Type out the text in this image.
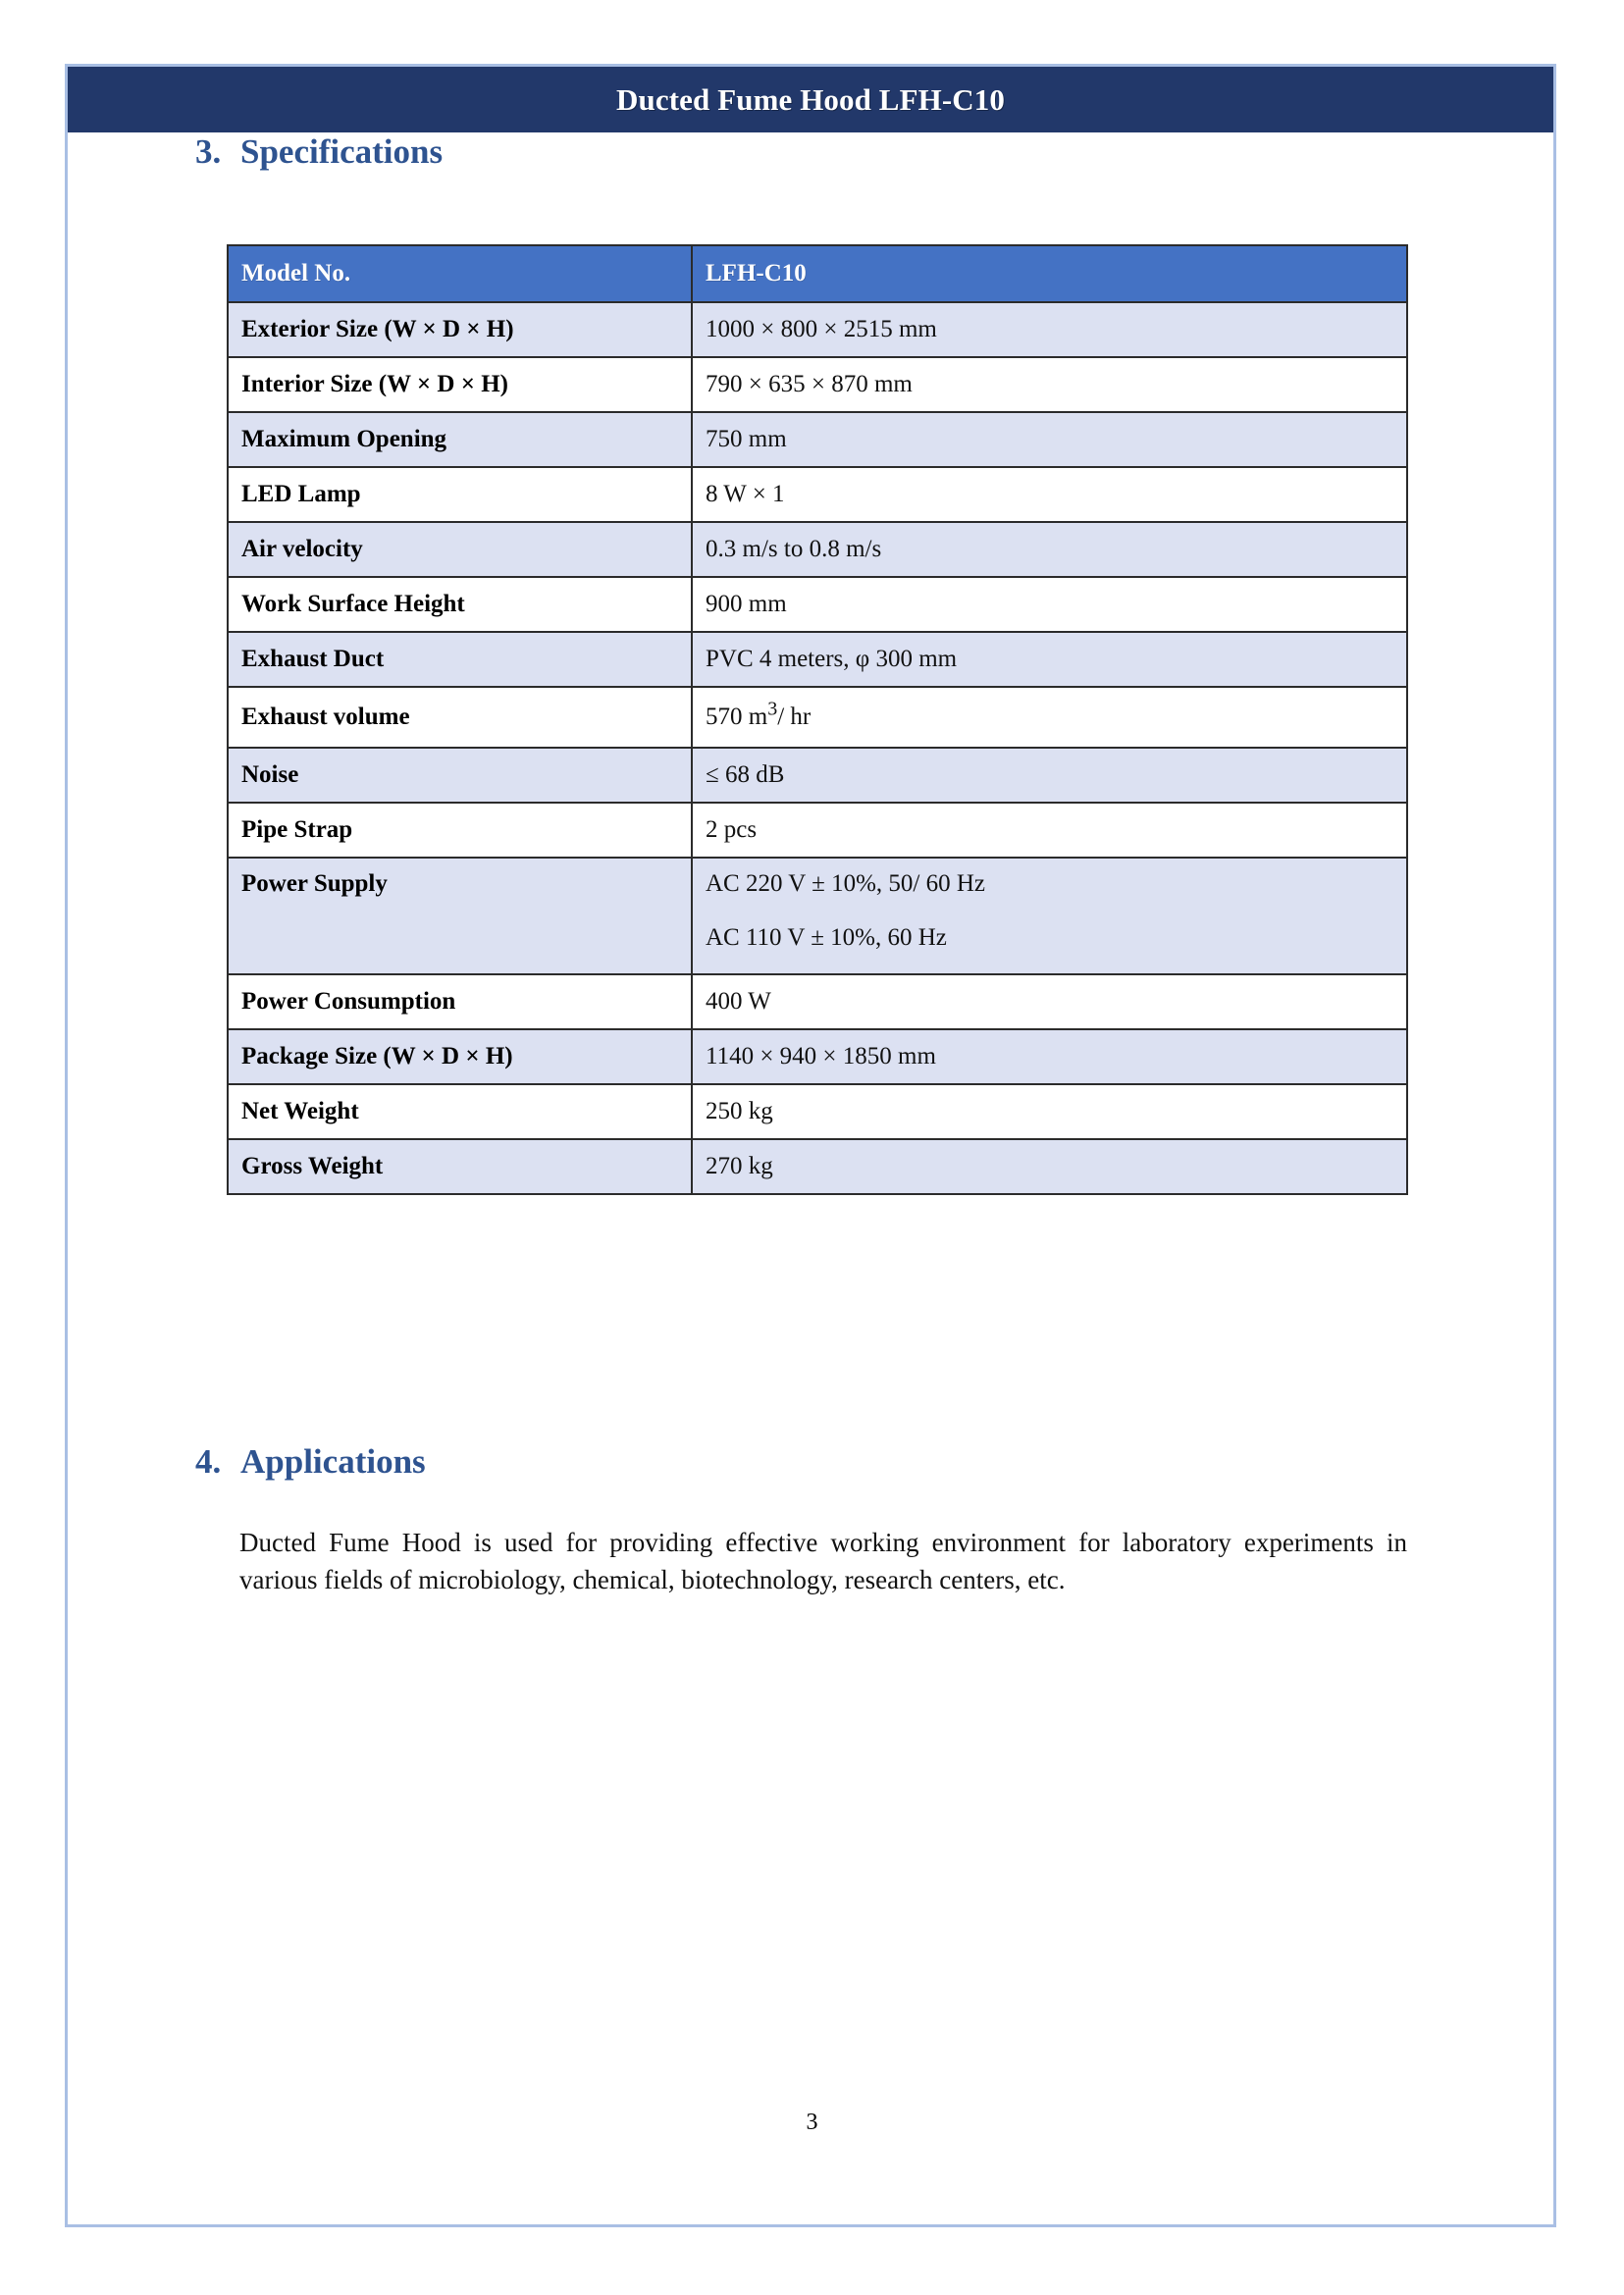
Ducted Fume Hood LFH-C10
3. Specifications
Model No.	LFH-C10
Exterior Size (W × D × H)	1000 × 800 × 2515 mm
Interior Size (W × D × H)	790 × 635 × 870 mm
Maximum Opening	750 mm
LED Lamp	8 W × 1
Air velocity	0.3 m/s to 0.8 m/s
Work Surface Height	900 mm
Exhaust Duct	PVC 4 meters, φ 300 mm
Exhaust volume	570 $m^3/$ hr
Noise	≤ 68 dB
Pipe Strap	2 pcs
Power Supply	AC 220 V ± 10%, 50/ 60 Hz
AC 110 V ± 10%, 60 Hz

Power Consumption	400 W
Package Size (W × D × H)	1140 × 940 × 1850 mm
Net Weight	250 kg
Gross Weight	270 kg
4. Applications
Ducted Fume Hood is used for providing effective working environment for laboratory experiments in various fields of microbiology, chemical, biotechnology, research centers, etc.
3
